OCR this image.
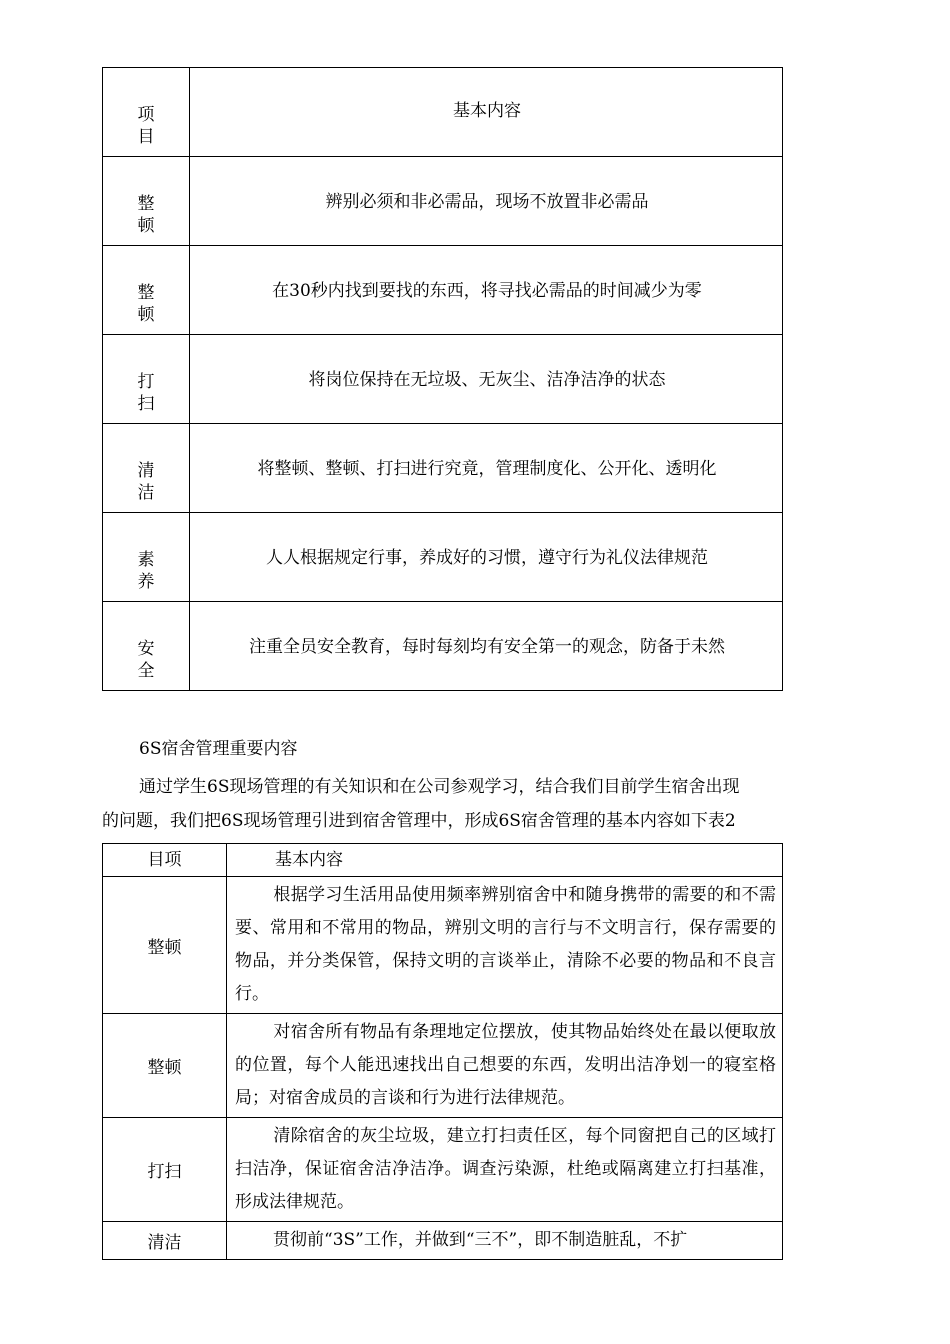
项目	基本内容
整顿	辨别必须和非必需品，现场不放置非必需品
整顿	在30秒内找到要找的东西，将寻找必需品的时间减少为零
打扫	将岗位保持在无垃圾、无灰尘、洁净洁净的状态
清洁	将整顿、整顿、打扫进行究竟，管理制度化、公开化、透明化
素养	人人根据规定行事，养成好的习惯，遵守行为礼仪法律规范
安全	注重全员安全教育，每时每刻均有安全第一的观念，防备于未然
6S宿舍管理重要内容
通过学生6S现场管理的有关知识和在公司参观学习，结合我们目前学生宿舍出现
的问题，我们把6S现场管理引进到宿舍管理中，形成6S宿舍管理的基本内容如下表2
目项	基本内容
整顿	根据学习生活用品使用频率辨别宿舍中和随身携带的需要的和不需要、常用和不常用的物品，辨别文明的言行与不文明言行，保存需要的物品，并分类保管，保持文明的言谈举止，清除不必要的物品和不良言行。
整顿	对宿舍所有物品有条理地定位摆放，使其物品始终处在最以便取放的位置，每个人能迅速找出自己想要的东西，发明出洁净划一的寝室格局；对宿舍成员的言谈和行为进行法律规范。
打扫	清除宿舍的灰尘垃圾，建立打扫责任区，每个同窗把自己的区域打扫洁净，保证宿舍洁净洁净。调查污染源，杜绝或隔离建立打扫基准，形成法律规范。
清洁	贯彻前“3S”工作，并做到“三不”，即不制造脏乱，不扩
